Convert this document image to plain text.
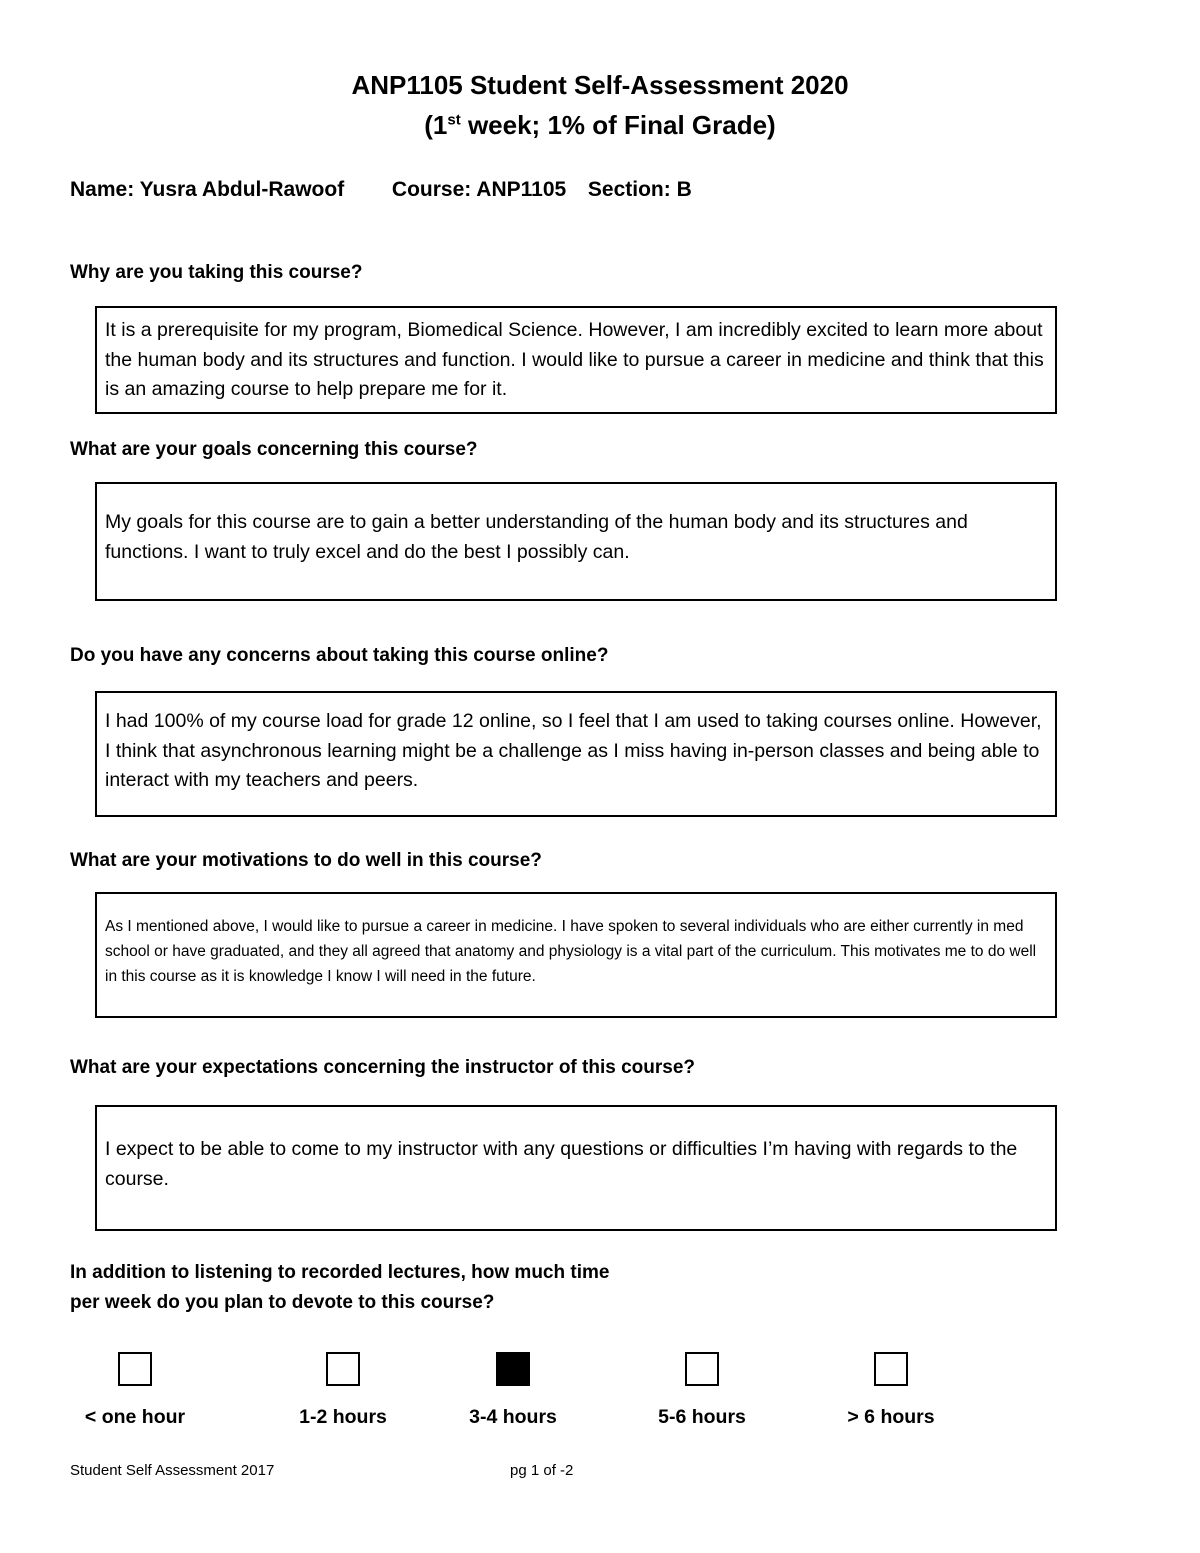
ANP1105 Student Self-Assessment 2020
(1st week; 1% of Final Grade)
Name: Yusra Abdul-Rawoof Course: ANP1105 Section: B
Why are you taking this course?
It is a prerequisite for my program, Biomedical Science. However, I am incredibly excited to learn more about the human body and its structures and function. I would like to pursue a career in medicine and think that this is an amazing course to help prepare me for it.
What are your goals concerning this course?
My goals for this course are to gain a better understanding of the human body and its structures and functions. I want to truly excel and do the best I possibly can.
Do you have any concerns about taking this course online?
I had 100% of my course load for grade 12 online, so I feel that I am used to taking courses online. However, I think that asynchronous learning might be a challenge as I miss having in-person classes and being able to interact with my teachers and peers.
What are your motivations to do well in this course?
As I mentioned above, I would like to pursue a career in medicine. I have spoken to several individuals who are either currently in med school or have graduated, and they all agreed that anatomy and physiology is a vital part of the curriculum. This motivates me to do well in this course as it is knowledge I know I will need in the future.
What are your expectations concerning the instructor of this course?
I expect to be able to come to my instructor with any questions or difficulties I’m having with regards to the course.
In addition to listening to recorded lectures, how much time
per week do you plan to devote to this course?
< one hour	1-2 hours	3-4 hours	5-6 hours	> 6 hours
Student Self Assessment 2017	pg 1 of -2
